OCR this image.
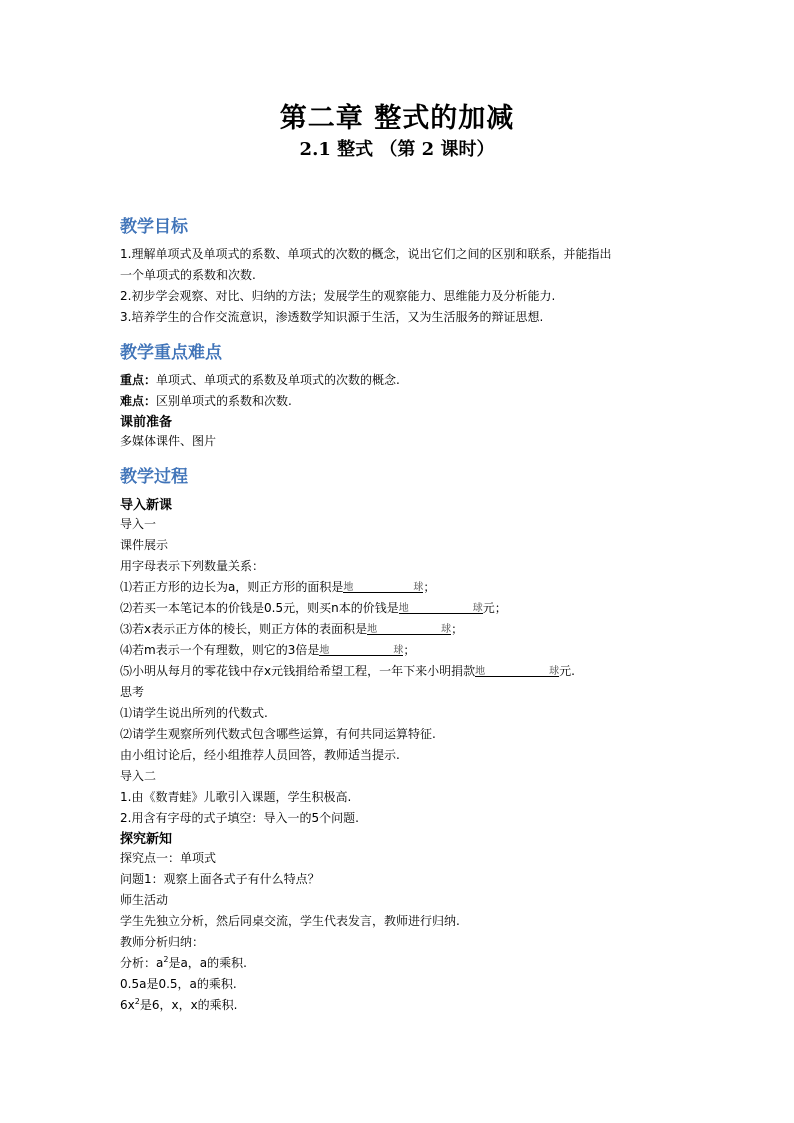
第二章 整式的加减
2.1 整式 （第 2 课时）
教学目标
1.理解单项式及单项式的系数、单项式的次数的概念，说出它们之间的区别和联系，并能指出
一个单项式的系数和次数.
2.初步学会观察、对比、归纳的方法；发展学生的观察能力、思维能力及分析能力.
3.培养学生的合作交流意识，渗透数学知识源于生活，又为生活服务的辩证思想.
教学重点难点
重点：单项式、单项式的系数及单项式的次数的概念.
难点：区别单项式的系数和次数.
课前准备
多媒体课件、图片
教学过程
导入新课
导入一
课件展示
用字母表示下列数量关系：
⑴若正方形的边长为a，则正方形的面积是 地	球 ；
⑵若买一本笔记本的价钱是0.5元，则买n本的价钱是 地	球 元；
⑶若x表示正方体的棱长，则正方体的表面积是 地	球 ；
⑷若m表示一个有理数，则它的3倍是 地	球 ；
⑸小明从每月的零花钱中存x元钱捐给希望工程，一年下来小明捐款 地	球 元.
思考
⑴请学生说出所列的代数式.
⑵请学生观察所列代数式包含哪些运算，有何共同运算特征.
由小组讨论后，经小组推荐人员回答，教师适当提示.
导入二
1.由《数青蛙》儿歌引入课题，学生积极高.
2.用含有字母的式子填空：导入一的5个问题.
探究新知
探究点一：单项式
问题1：观察上面各式子有什么特点？
师生活动
学生先独立分析，然后同桌交流，学生代表发言，教师进行归纳.
教师分析归纳：
分析：$a^2$是a，a的乘积.
0.5a是0.5，a的乘积.
$6x^2$是6，x，x的乘积.
